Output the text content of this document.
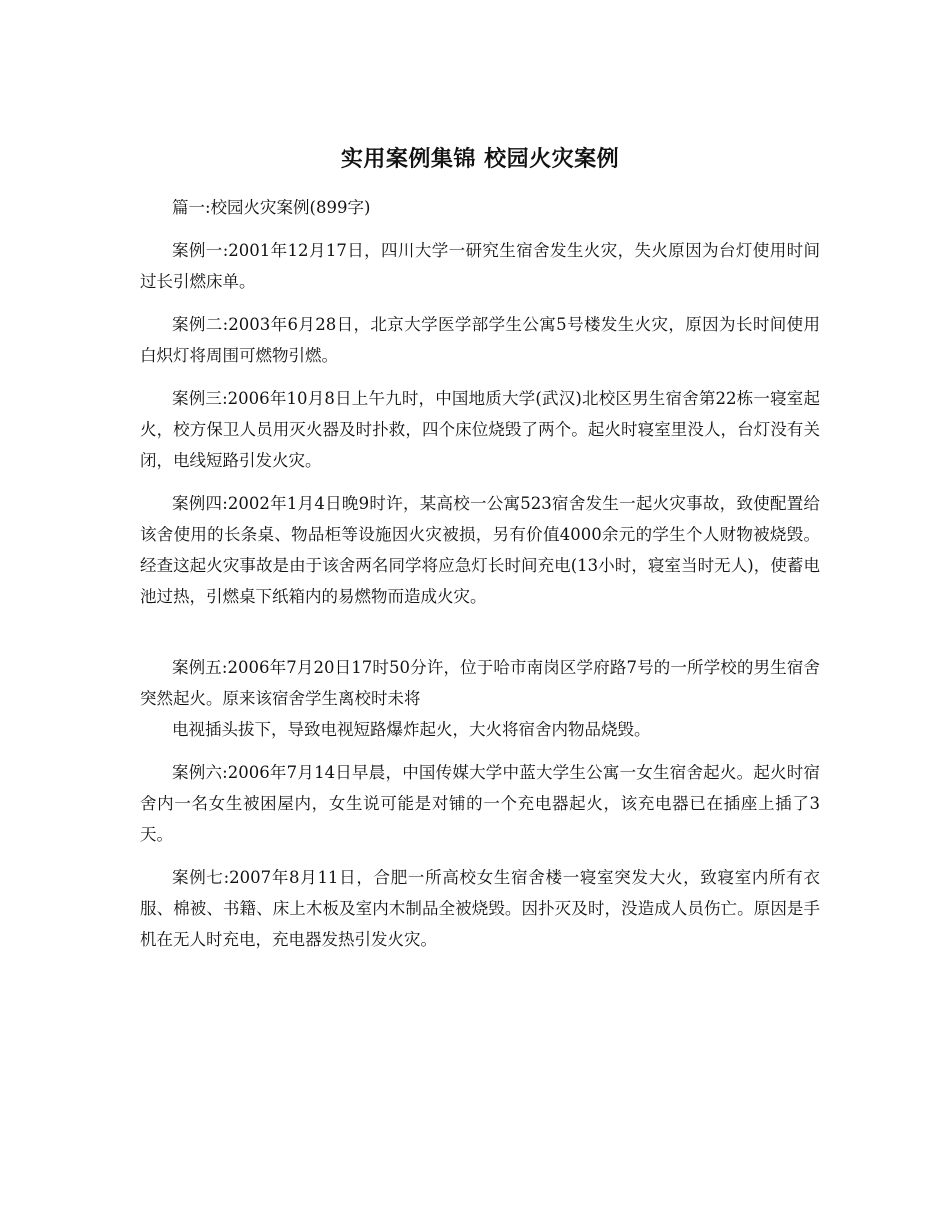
实用案例集锦 校园火灾案例

篇一:校园火灾案例(899字)

案例一:2001年12月17日，四川大学一研究生宿舍发生火灾，失火原因为台灯使用时间过长引燃床单。

案例二:2003年6月28日，北京大学医学部学生公寓5号楼发生火灾，原因为长时间使用白炽灯将周围可燃物引燃。

案例三:2006年10月8日上午九时，中国地质大学(武汉)北校区男生宿舍第22栋一寝室起火，校方保卫人员用灭火器及时扑救，四个床位烧毁了两个。起火时寝室里没人，台灯没有关闭，电线短路引发火灾。

案例四:2002年1月4日晚9时许，某高校一公寓523宿舍发生一起火灾事故，致使配置给该舍使用的长条桌、物品柜等设施因火灾被损，另有价值4000余元的学生个人财物被烧毁。经查这起火灾事故是由于该舍两名同学将应急灯长时间充电(13小时，寝室当时无人)，使蓄电池过热，引燃桌下纸箱内的易燃物而造成火灾。

案例五:2006年7月20日17时50分许，位于哈市南岗区学府路7号的一所学校的男生宿舍突然起火。原来该宿舍学生离校时未将

电视插头拔下，导致电视短路爆炸起火，大火将宿舍内物品烧毁。

案例六:2006年7月14日早晨，中国传媒大学中蓝大学生公寓一女生宿舍起火。起火时宿舍内一名女生被困屋内，女生说可能是对铺的一个充电器起火，该充电器已在插座上插了3天。

案例七:2007年8月11日，合肥一所高校女生宿舍楼一寝室突发大火，致寝室内所有衣服、棉被、书籍、床上木板及室内木制品全被烧毁。因扑灭及时，没造成人员伤亡。原因是手机在无人时充电，充电器发热引发火灾。
